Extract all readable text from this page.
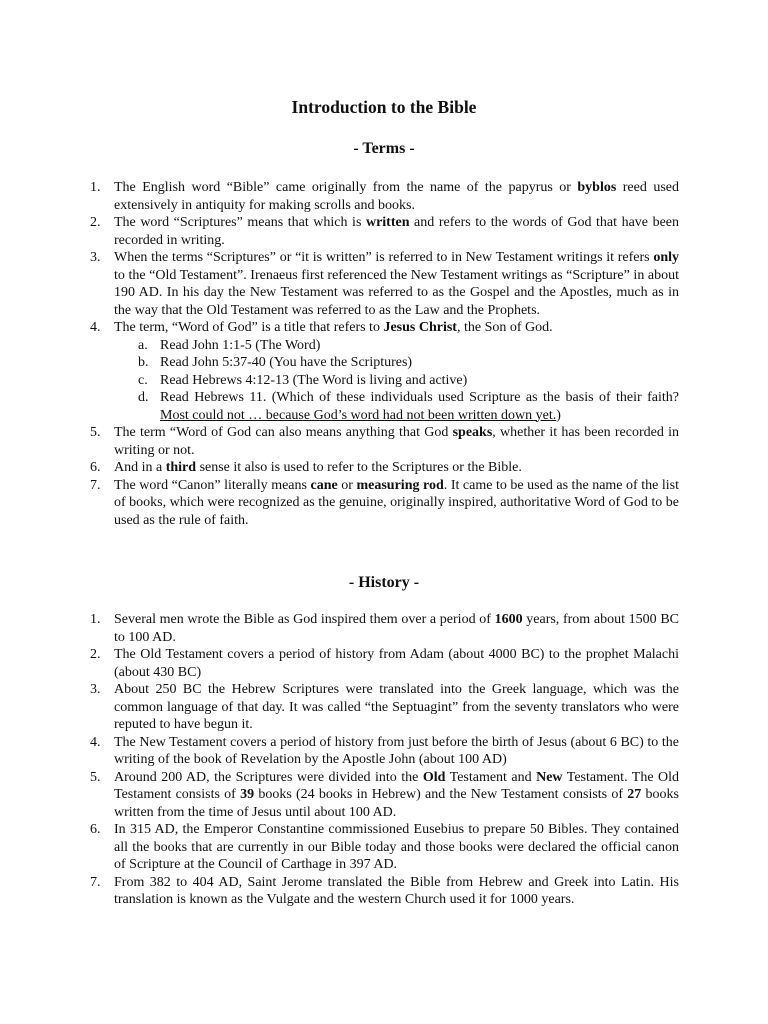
Introduction to the Bible
- Terms -
1. The English word “Bible” came originally from the name of the papyrus or byblos reed used extensively in antiquity for making scrolls and books.
2. The word “Scriptures” means that which is written and refers to the words of God that have been recorded in writing.
3. When the terms “Scriptures” or “it is written” is referred to in New Testament writings it refers only to the “Old Testament”. Irenaeus first referenced the New Testament writings as “Scripture” in about 190 AD. In his day the New Testament was referred to as the Gospel and the Apostles, much as in the way that the Old Testament was referred to as the Law and the Prophets.
4. The term, “Word of God” is a title that refers to Jesus Christ, the Son of God.
a. Read John 1:1-5 (The Word)
b. Read John 5:37-40 (You have the Scriptures)
c. Read Hebrews 4:12-13 (The Word is living and active)
d. Read Hebrews 11. (Which of these individuals used Scripture as the basis of their faith? Most could not … because God’s word had not been written down yet.)
5. The term “Word of God can also means anything that God speaks, whether it has been recorded in writing or not.
6. And in a third sense it also is used to refer to the Scriptures or the Bible.
7. The word “Canon” literally means cane or measuring rod. It came to be used as the name of the list of books, which were recognized as the genuine, originally inspired, authoritative Word of God to be used as the rule of faith.
- History -
1. Several men wrote the Bible as God inspired them over a period of 1600 years, from about 1500 BC to 100 AD.
2. The Old Testament covers a period of history from Adam (about 4000 BC) to the prophet Malachi (about 430 BC)
3. About 250 BC the Hebrew Scriptures were translated into the Greek language, which was the common language of that day. It was called “the Septuagint” from the seventy translators who were reputed to have begun it.
4. The New Testament covers a period of history from just before the birth of Jesus (about 6 BC) to the writing of the book of Revelation by the Apostle John (about 100 AD)
5. Around 200 AD, the Scriptures were divided into the Old Testament and New Testament. The Old Testament consists of 39 books (24 books in Hebrew) and the New Testament consists of 27 books written from the time of Jesus until about 100 AD.
6. In 315 AD, the Emperor Constantine commissioned Eusebius to prepare 50 Bibles. They contained all the books that are currently in our Bible today and those books were declared the official canon of Scripture at the Council of Carthage in 397 AD.
7. From 382 to 404 AD, Saint Jerome translated the Bible from Hebrew and Greek into Latin. His translation is known as the Vulgate and the western Church used it for 1000 years.
